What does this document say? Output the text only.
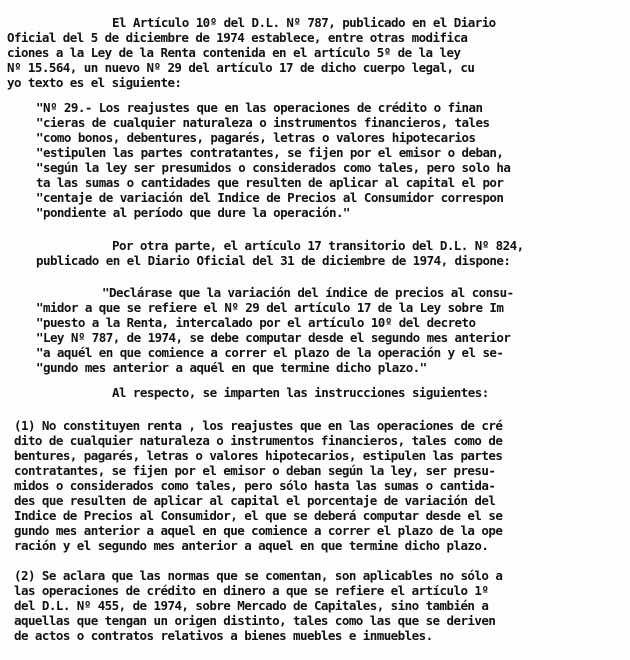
El Artículo 10º del D.L. Nº 787, publicado en el Diario
Oficial del 5 de diciembre de 1974 establece, entre otras modifica
ciones a la Ley de la Renta contenida en el artículo 5º de la ley
Nº 15.564, un nuevo Nº 29 del artículo 17 de dicho cuerpo legal, cu
yo texto es el siguiente:
"Nº 29.- Los reajustes que en las operaciones de crédito o finan
"cieras de cualquier naturaleza o instrumentos financieros, tales
"como bonos, debentures, pagarés, letras o valores hipotecarios
"estipulen las partes contratantes, se fijen por el emisor o deban,
"según la ley ser presumidos o considerados como tales, pero solo ha
ta las sumas o cantidades que resulten de aplicar al capital el por
"centaje de variación del Indice de Precios al Consumidor correspon
"pondiente al período que dure la operación."
Por otra parte, el artículo 17 transitorio del D.L. Nº 824,
publicado en el Diario Oficial del 31 de diciembre de 1974, dispone:
"Declárase que la variación del índice de precios al consu-
"midor a que se refiere el Nº 29 del artículo 17 de la Ley sobre Im
"puesto a la Renta, intercalado por el artículo 10º del decreto
"Ley Nº 787, de 1974, se debe computar desde el segundo mes anterior
"a aquél en que comience a correr el plazo de la operación y el se-
"gundo mes anterior a aquél en que termine dicho plazo."
Al respecto, se imparten las instrucciones siguientes:
(1) No constituyen renta , los reajustes que en las operaciones de cré
dito de cualquier naturaleza o instrumentos financieros, tales como de
bentures, pagarés, letras o valores hipotecarios, estipulen las partes
contratantes, se fijen por el emisor o deban según la ley, ser presu-
midos o considerados como tales, pero sólo hasta las sumas o cantida-
des que resulten de aplicar al capital el porcentaje de variación del
Indice de Precios al Consumidor, el que se deberá computar desde el se
gundo mes anterior a aquel en que comience a correr el plazo de la ope
ración y el segundo mes anterior a aquel en que termine dicho plazo.
(2) Se aclara que las normas que se comentan, son aplicables no sólo a
las operaciones de crédito en dinero a que se refiere el artículo 1º
del D.L. Nº 455, de 1974, sobre Mercado de Capitales, sino también a
aquellas que tengan un origen distinto, tales como las que se deriven
de actos o contratos relativos a bienes muebles e inmuebles.
